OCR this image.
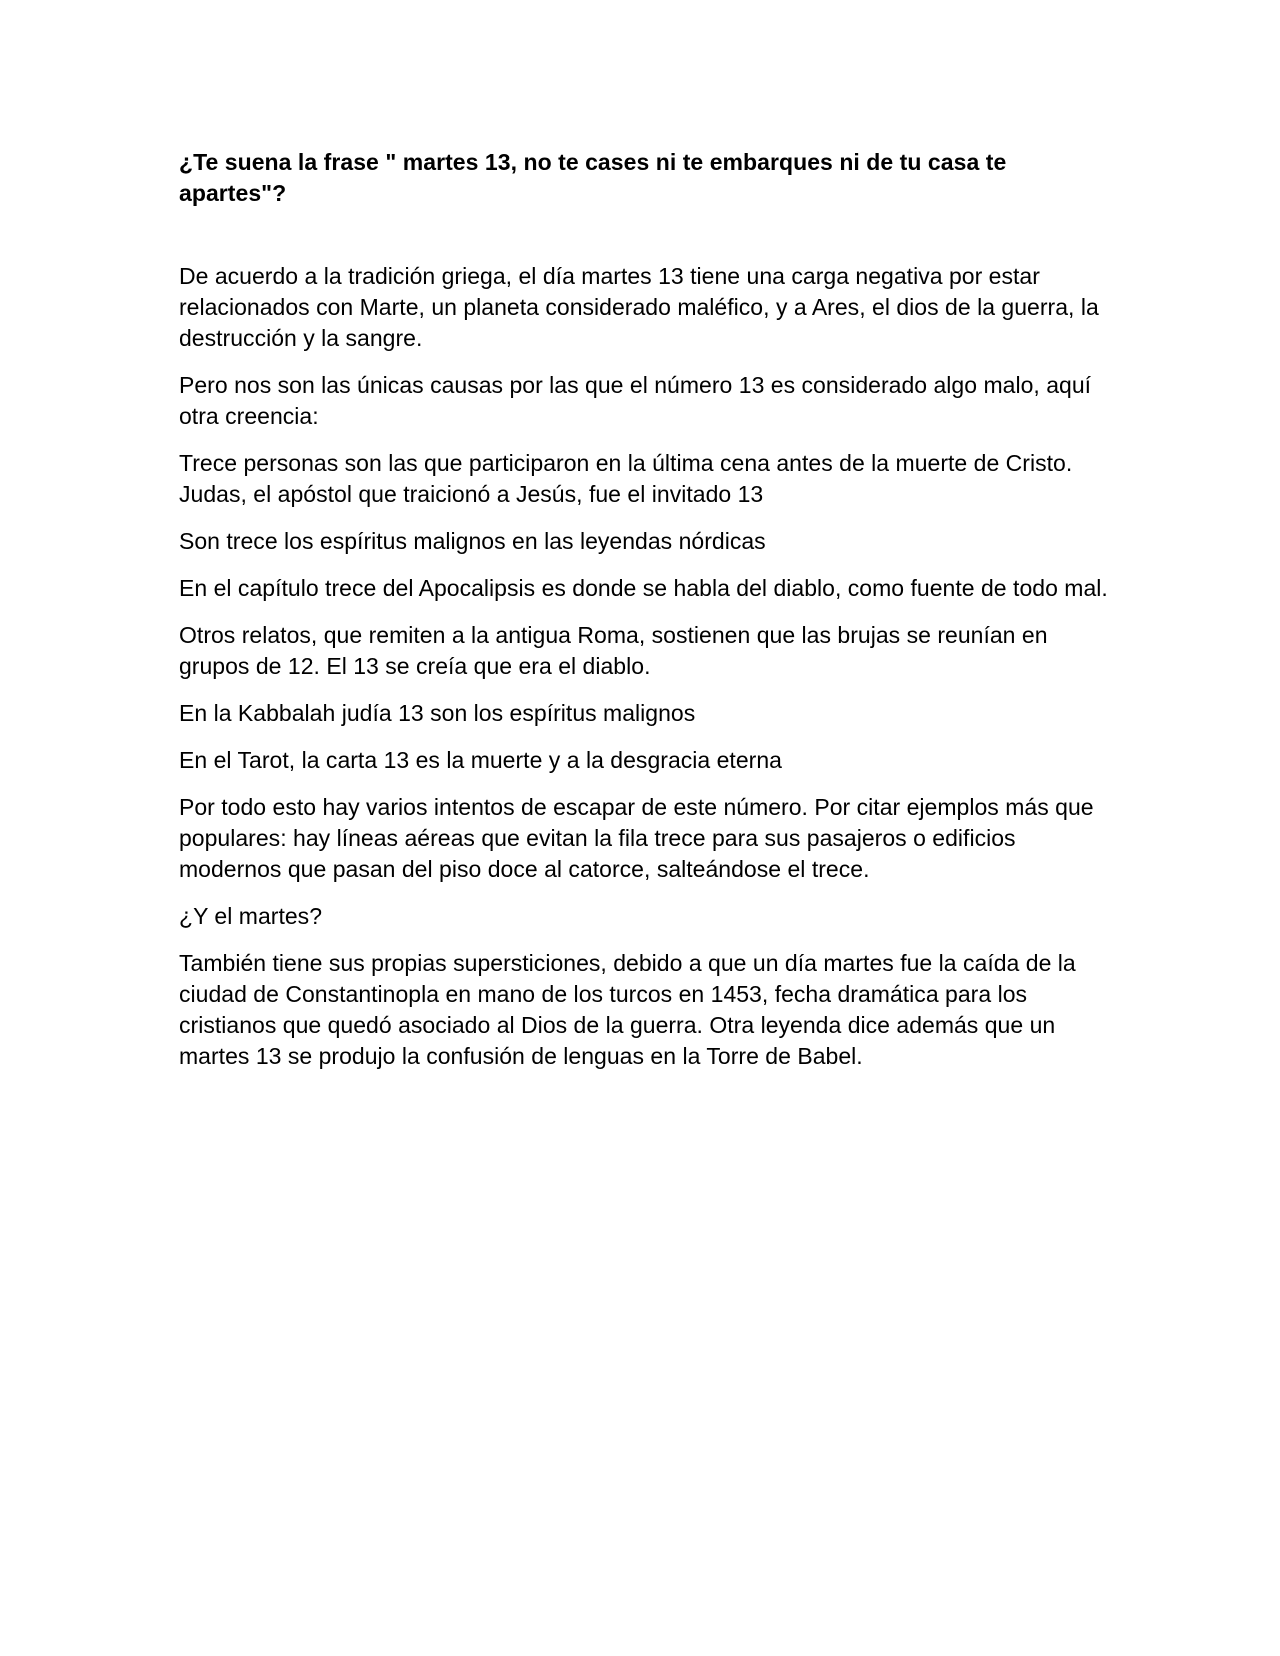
¿Te suena la frase " martes 13, no te cases ni te embarques ni de tu casa te apartes"?

De acuerdo a la tradición griega, el día martes 13 tiene una carga negativa por estar relacionados con Marte, un planeta considerado maléfico, y a Ares, el dios de la guerra, la destrucción y la sangre.

Pero nos son las únicas causas por las que el número 13 es considerado algo malo, aquí otra creencia:

Trece personas son las que participaron en la última cena antes de la muerte de Cristo. Judas, el apóstol que traicionó a Jesús, fue el invitado 13

Son trece los espíritus malignos en las leyendas nórdicas

En el capítulo trece del Apocalipsis es donde se habla del diablo, como fuente de todo mal.

Otros relatos, que remiten a la antigua Roma, sostienen que las brujas se reunían en grupos de 12. El 13 se creía que era el diablo.

En la Kabbalah judía 13 son los espíritus malignos

En el Tarot, la carta 13 es la muerte y a la desgracia eterna

Por todo esto hay varios intentos de escapar de este número. Por citar ejemplos más que populares: hay líneas aéreas que evitan la fila trece para sus pasajeros o edificios modernos que pasan del piso doce al catorce, salteándose el trece.

¿Y el martes?

También tiene sus propias supersticiones, debido a que un día martes fue la caída de la ciudad de Constantinopla en mano de los turcos en 1453, fecha dramática para los cristianos que quedó asociado al Dios de la guerra. Otra leyenda dice además que un martes 13 se produjo la confusión de lenguas en la Torre de Babel.
